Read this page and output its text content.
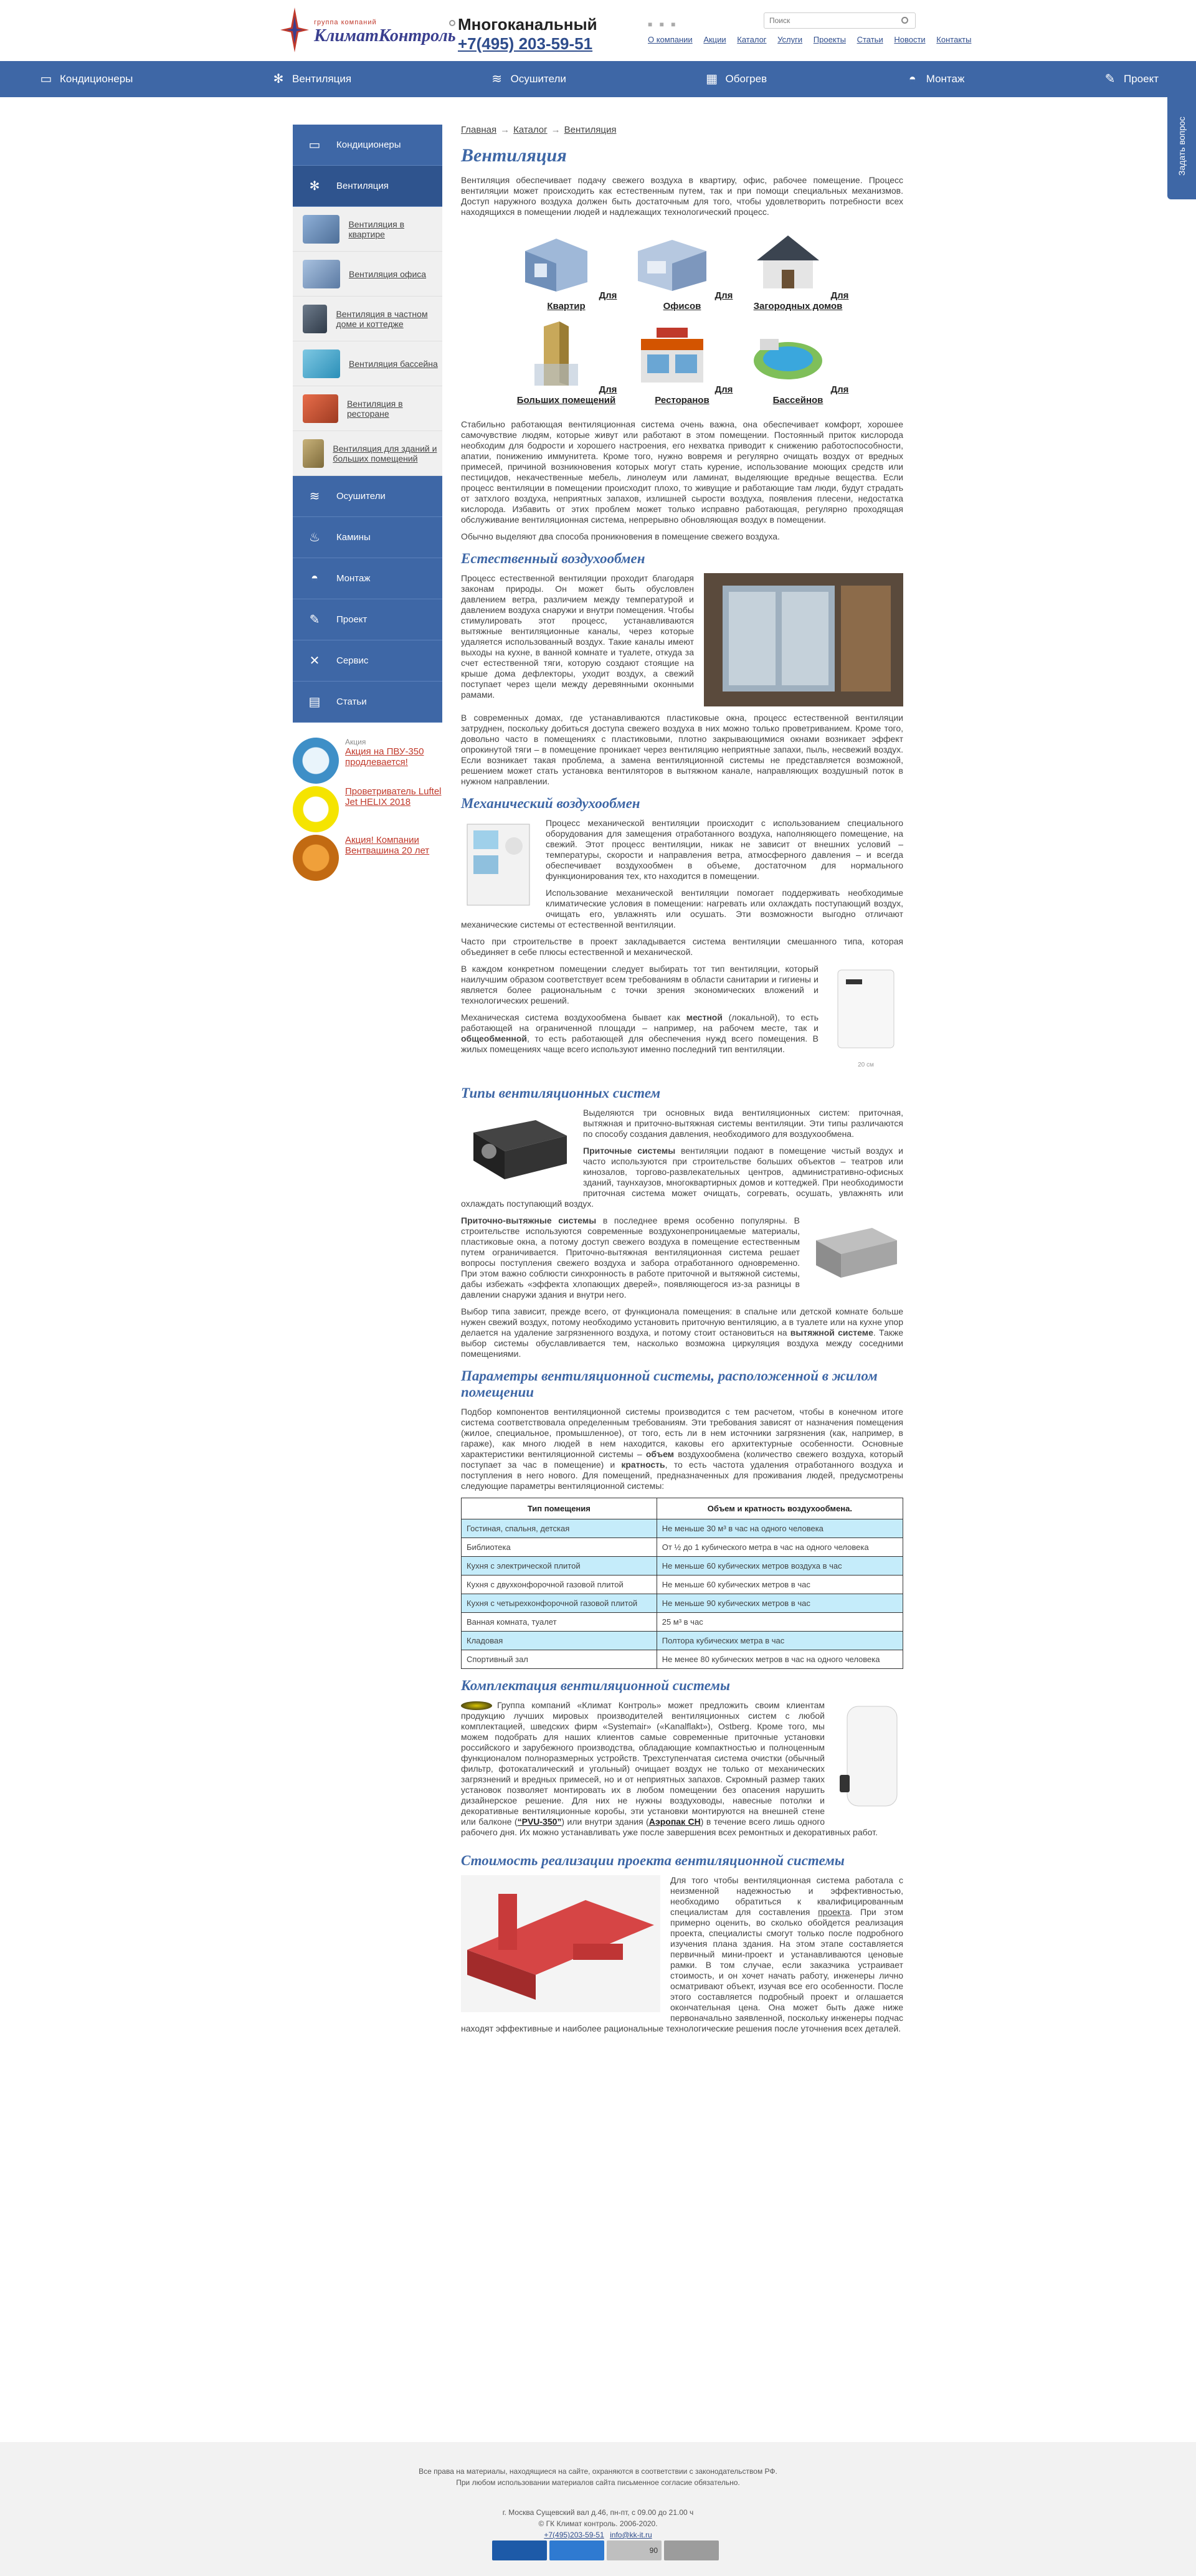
группа компаний
КлиматКонтроль
Многоканальный
+7(495) 203-59-51
■ ■ ■
О компании Акции Каталог Услуги Проекты Статьи Новости Контакты
Поиск
▭ Кондиционеры	✻ Вентиляция	≋ Осушители	▦ Обогрев	◓ Монтаж	✎ Проект
Задать вопрос
▭	Кондиционеры
✻	Вентиляция
Вентиляция в квартире
Вентиляция офиса
Вентиляция в частном доме и коттедже
Вентиляция бассейна
Вентиляция в ресторане
Вентиляция для зданий и больших помещений
≋	Осушители
♨	Камины
◓	Монтаж
✎	Проект
✕	Сервис
▤	Статьи
Акция
Акция на ПВУ-350 продлевается!
Проветриватель Luftel Jet HELIX 2018
Акция! Компании Вентвашина 20 лет
Главная → Каталог → Вентиляция
Вентиляция

Вентиляция обеспечивает подачу свежего воздуха в квартиру, офис, рабочее помещение. Процесс вентиляции может происходить как естественным путем, так и при помощи специальных механизмов. Доступ наружного воздуха должен быть достаточным для того, чтобы удовлетворить потребности всех находящихся в помещении людей и надлежащих технологический процесс.

Для Квартир
Для Офисов
Для Загородных домов
Для Больших помещений
Для Ресторанов
Для Бассейнов

Стабильно работающая вентиляционная система очень важна, она обеспечивает комфорт, хорошее самочувствие людям, которые живут или работают в этом помещении. Постоянный приток кислорода необходим для бодрости и хорошего настроения, его нехватка приводит к снижению работоспособности, апатии, понижению иммунитета. Кроме того, нужно вовремя и регулярно очищать воздух от вредных примесей, причиной возникновения которых могут стать курение, использование моющих средств или пестицидов, некачественные мебель, линолеум или ламинат, выделяющие вредные вещества. Если процесс вентиляции в помещении происходит плохо, то живущие и работающие там люди, будут страдать от затхлого воздуха, неприятных запахов, излишней сырости воздуха, появления плесени, недостатка кислорода. Избавить от этих проблем может только исправно работающая, регулярно проходящая обслуживание вентиляционная система, непрерывно обновляющая воздух в помещении.

Обычно выделяют два способа проникновения в помещение свежего воздуха.

Естественный воздухообмен

Процесс естественной вентиляции проходит благодаря законам природы. Он может быть обусловлен давлением ветра, различием между температурой и давлением воздуха снаружи и внутри помещения. Чтобы стимулировать этот процесс, устанавливаются вытяжные вентиляционные каналы, через которые удаляется использованный воздух. Такие каналы имеют выходы на кухне, в ванной комнате и туалете, откуда за счет естественной тяги, которую создают стоящие на крыше дома дефлекторы, уходит воздух, а свежий поступает через щели между деревянными оконными рамами.

В современных домах, где устанавливаются пластиковые окна, процесс естественной вентиляции затруднен, поскольку добиться доступа свежего воздуха в них можно только проветриванием. Кроме того, довольно часто в помещениях с пластиковыми, плотно закрывающимися окнами возникает эффект опрокинутой тяги – в помещение проникает через вентиляцию неприятные запахи, пыль, несвежий воздух. Если возникает такая проблема, а замена вентиляционной системы не представляется возможной, решением может стать установка вентиляторов в вытяжном канале, направляющих воздушный поток в нужном направлении.

Механический воздухообмен

Процесс механической вентиляции происходит с использованием специального оборудования для замещения отработанного воздуха, наполняющего помещение, на свежий. Этот процесс вентиляции, никак не зависит от внешних условий – температуры, скорости и направления ветра, атмосферного давления – и всегда обеспечивает воздухообмен в объеме, достаточном для нормального функционирования тех, кто находится в помещении.

Использование механической вентиляции помогает поддерживать необходимые климатические условия в помещении: нагревать или охлаждать поступающий воздух, очищать его, увлажнять или осушать. Эти возможности выгодно отличают механические системы от естественной вентиляции.

Часто при строительстве в проект закладывается система вентиляции смешанного типа, которая объединяет в себе плюсы естественной и механической.

20 см

В каждом конкретном помещении следует выбирать тот тип вентиляции, который наилучшим образом соответствует всем требованиям в области санитарии и гигиены и является более рациональным с точки зрения экономических вложений и технологических решений.

Механическая система воздухообмена бывает как местной (локальной), то есть работающей на ограниченной площади – например, на рабочем месте, так и общеобменной, то есть работающей для обеспечения нужд всего помещения. В жилых помещениях чаще всего используют именно последний тип вентиляции.

Типы вентиляционных систем

Выделяются три основных вида вентиляционных систем: приточная, вытяжная и приточно-вытяжная системы вентиляции. Эти типы различаются по способу создания давления, необходимого для воздухообмена.

Приточные системы вентиляции подают в помещение чистый воздух и часто используются при строительстве больших объектов – театров или кинозалов, торгово-развлекательных центров, административно-офисных зданий, таунхаузов, многоквартирных домов и коттеджей. При необходимости приточная система может очищать, согревать, осушать, увлажнять или охлаждать поступающий воздух.

Приточно-вытяжные системы в последнее время особенно популярны. В строительстве используются современные воздухонепроницаемые материалы, пластиковые окна, а потому доступ свежего воздуха в помещение естественным путем ограничивается. Приточно-вытяжная вентиляционная система решает вопросы поступления свежего воздуха и забора отработанного одновременно. При этом важно соблюсти синхронность в работе приточной и вытяжной системы, дабы избежать «эффекта хлопающих дверей», появляющегося из-за разницы в давлении снаружи здания и внутри него.

Выбор типа зависит, прежде всего, от функционала помещения: в спальне или детской комнате больше нужен свежий воздух, потому необходимо установить приточную вентиляцию, а в туалете или на кухне упор делается на удаление загрязненного воздуха, и потому стоит остановиться на вытяжной системе. Также выбор системы обуславливается тем, насколько возможна циркуляция воздуха между соседними помещениями.

Параметры вентиляционной системы, расположенной в жилом помещении

Подбор компонентов вентиляционной системы производится с тем расчетом, чтобы в конечном итоге система соответствовала определенным требованиям. Эти требования зависят от назначения помещения (жилое, специальное, промышленное), от того, есть ли в нем источники загрязнения (как, например, в гараже), как много людей в нем находится, каковы его архитектурные особенности. Основные характеристики вентиляционной системы – объем воздухообмена (количество свежего воздуха, который поступает за час в помещение) и кратность, то есть частота удаления отработанного воздуха и поступления в него нового. Для помещений, предназначенных для проживания людей, предусмотрены следующие параметры вентиляционной системы:

Тип помещения	Объем и кратность воздухообмена.
Гостиная, спальня, детская	Не меньше 30 м³ в час на одного человека
Библиотека	От ½ до 1 кубического метра в час на одного человека
Кухня с электрической плитой	Не меньше 60 кубических метров воздуха в час
Кухня с двухконфорочной газовой плитой	Не меньше 60 кубических метров в час
Кухня с четырехконфорочной газовой плитой	Не меньше 90 кубических метров в час
Ванная комната, туалет	25 м³ в час
Кладовая	Полтора кубических метра в час
Спортивный зал	Не менее 80 кубических метров в час на одного человека
Комплектация вентиляционной системы

Группа компаний «Климат Контроль» может предложить своим клиентам продукцию лучших мировых производителей вентиляционных систем с любой комплектацией, шведских фирм «Systemair» («Kanalflakt»), Ostberg. Кроме того, мы можем подобрать для наших клиентов самые современные приточные установки российского и зарубежного производства, обладающие компактностью и полноценным функционалом полноразмерных устройств. Трехступенчатая система очистки (обычный фильтр, фотокаталический и угольный) очищает воздух не только от механических загрязнений и вредных примесей, но и от неприятных запахов. Скромный размер таких установок позволяет монтировать их в любом помещении без опасения нарушить дизайнерское решение. Для них не нужны воздуховоды, навесные потолки и декоративные вентиляционные коробы, эти установки монтируются на внешней стене или балконе (“PVU-350”) или внутри здания (Аэропак СН) в течение всего лишь одного рабочего дня. Их можно устанавливать уже после завершения всех ремонтных и декоративных работ.

Стоимость реализации проекта вентиляционной системы

Для того чтобы вентиляционная система работала с неизменной надежностью и эффективностью, необходимо обратиться к квалифицированным специалистам для составления проекта. При этом примерно оценить, во сколько обойдется реализация проекта, специалисты смогут только после подробного изучения плана здания. На этом этапе составляется первичный мини-проект и устанавливаются ценовые рамки. В том случае, если заказчика устраивает стоимость, и он хочет начать работу, инженеры лично осматривают объект, изучая все его особенности. После этого составляется подробный проект и оглашается окончательная цена. Она может быть даже ниже первоначально заявленной, поскольку инженеры подчас находят эффективные и наиболее рациональные технологические решения после уточнения всех деталей.

Все права на материалы, находящиеся на сайте, охраняются в соответствии с законодательством РФ.
При любом использовании материалов сайта письменное согласие обязательно.
г. Москва Сущевский вал д.46, пн-пт, с 09.00 до 21.00 ч
© ГК Климат контроль. 2006-2020.
+7(495)203-59-51 info@kk-it.ru
90
